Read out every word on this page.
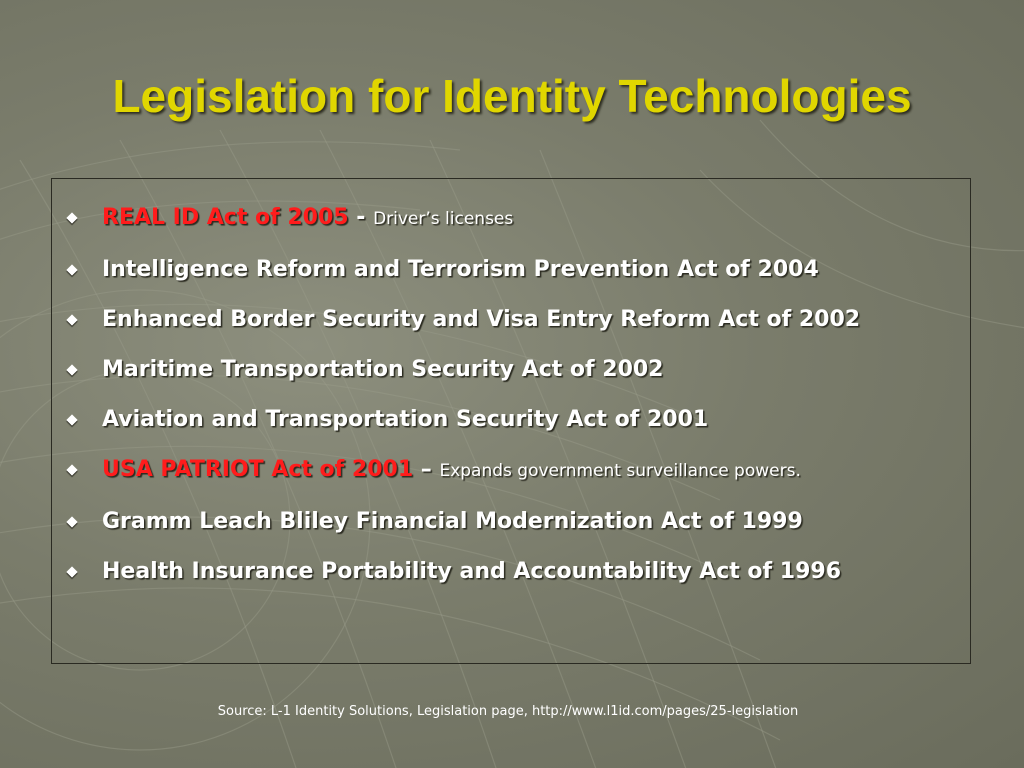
Legislation for Identity Technologies
REAL ID Act of 2005 - Driver’s licenses
Intelligence Reform and Terrorism Prevention Act of 2004
Enhanced Border Security and Visa Entry Reform Act of 2002
Maritime Transportation Security Act of 2002
Aviation and Transportation Security Act of 2001
USA PATRIOT Act of 2001 – Expands government surveillance powers.
Gramm Leach Bliley Financial Modernization Act of 1999
Health Insurance Portability and Accountability Act of 1996

Source: L-1 Identity Solutions, Legislation page, http://www.l1id.com/pages/25-legislation
